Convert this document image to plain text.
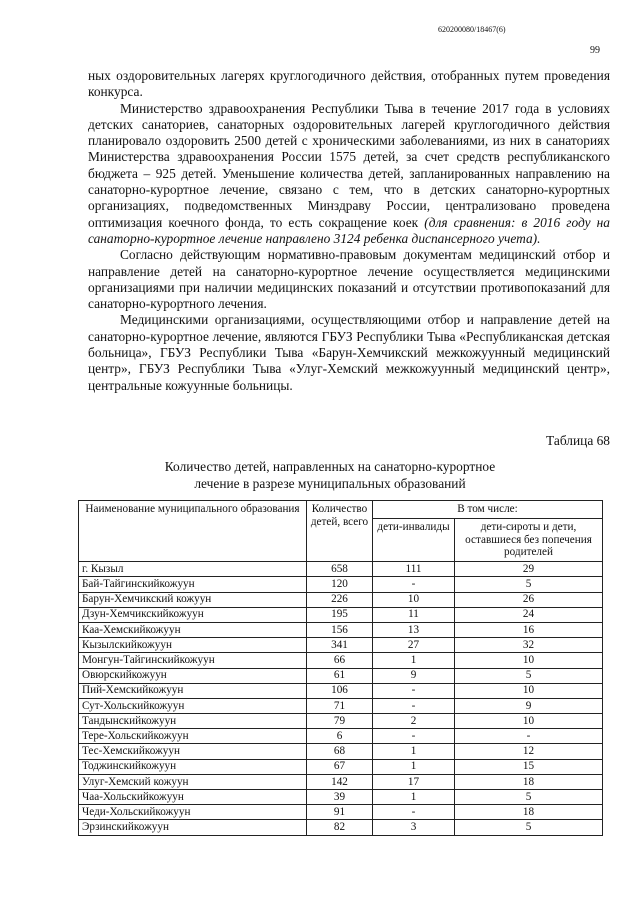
620200080/18467(6)
99

ных оздоровительных лагерях круглогодичного действия, отобранных путем проведения конкурса.

Министерство здравоохранения Республики Тыва в течение 2017 года в условиях детских санаториев, санаторных оздоровительных лагерей круглогодичного действия планировало оздоровить 2500 детей с хроническими заболеваниями, из них в санаториях Министерства здравоохранения России 1575 детей, за счет средств республиканского бюджета – 925 детей. Уменьшение количества детей, запланированных направлению на санаторно-курортное лечение, связано с тем, что в детских санаторно-курортных организациях, подведомственных Минздраву России, централизовано проведена оптимизация коечного фонда, то есть сокращение коек (для сравнения: в 2016 году на санаторно-курортное лечение направлено 3124 ребенка диспансерного учета).

Согласно действующим нормативно-правовым документам медицинский отбор и направление детей на санаторно-курортное лечение осуществляется медицинскими организациями при наличии медицинских показаний и отсутствии противопоказаний для санаторно-курортного лечения.

Медицинскими организациями, осуществляющими отбор и направление детей на санаторно-курортное лечение, являются ГБУЗ Республики Тыва «Республиканская детская больница», ГБУЗ Республики Тыва «Барун-Хемчикский межкожуунный медицинский центр», ГБУЗ Республики Тыва «Улуг-Хемский межкожуунный медицинский центр», центральные кожуунные больницы.

Таблица 68
Количество детей, направленных на санаторно-курортное
лечение в разрезе муниципальных образований
Наименование муниципального образования	Количество детей, всего	В том числе:	
		дети-инвалиды	дети-сироты и дети, оставшиеся без попечения родителей
г. Кызыл	658	111	29
Бай-Тайгинскийкожуун	120	-	5
Барун-Хемчикский кожуун	226	10	26
Дзун-Хемчикскийкожуун	195	11	24
Каа-Хемскийкожуун	156	13	16
Кызылскийкожуун	341	27	32
Монгун-Тайгинскийкожуун	66	1	10
Овюрскийкожуун	61	9	5
Пий-Хемскийкожуун	106	-	10
Сут-Хольскийкожуун	71	-	9
Тандынскийкожуун	79	2	10
Тере-Хольскийкожуун	6	-	-
Тес-Хемскийкожуун	68	1	12
Тоджинскийкожуун	67	1	15
Улуг-Хемский кожуун	142	17	18
Чаа-Хольскийкожуун	39	1	5
Чеди-Хольскийкожуун	91	-	18
Эрзинскийкожуун	82	3	5
